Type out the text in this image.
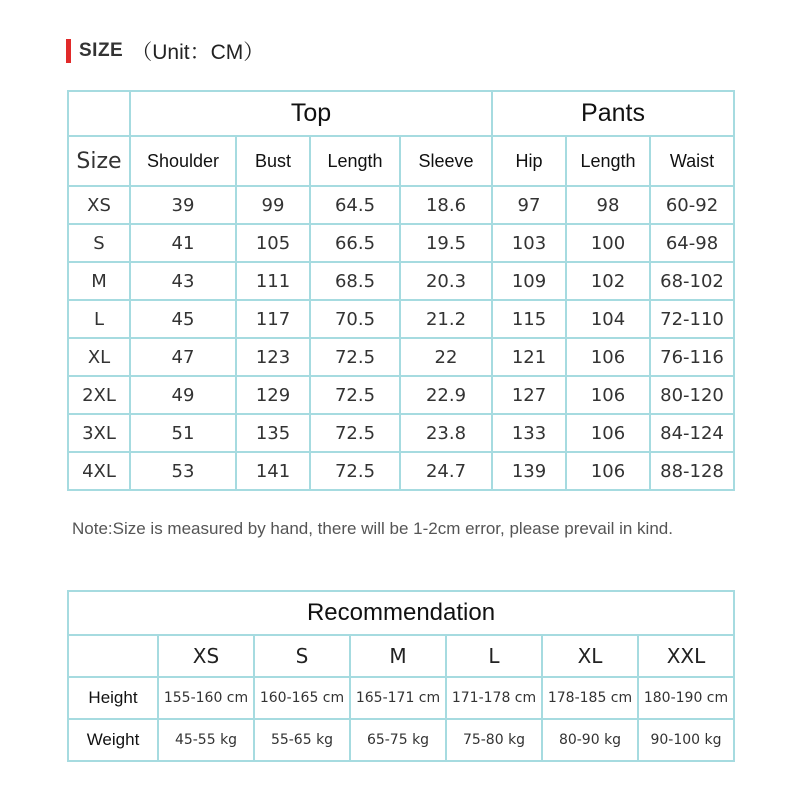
SIZE （Unit：CM）
	Top				Pants		
Size	Shoulder	Bust	Length	Sleeve	Hip	Length	Waist
XS	39	99	64.5	18.6	97	98	60-92
S	41	105	66.5	19.5	103	100	64-98
M	43	111	68.5	20.3	109	102	68-102
L	45	117	70.5	21.2	115	104	72-110
XL	47	123	72.5	22	121	106	76-116
2XL	49	129	72.5	22.9	127	106	80-120
3XL	51	135	72.5	23.8	133	106	84-124
4XL	53	141	72.5	24.7	139	106	88-128
Note:Size is measured by hand, there will be 1-2cm error, please prevail in kind.
Recommendation						
	XS	S	M	L	XL	XXL
Height	155-160 cm	160-165 cm	165-171 cm	171-178 cm	178-185 cm	180-190 cm
Weight	45-55 kg	55-65 kg	65-75 kg	75-80 kg	80-90 kg	90-100 kg
